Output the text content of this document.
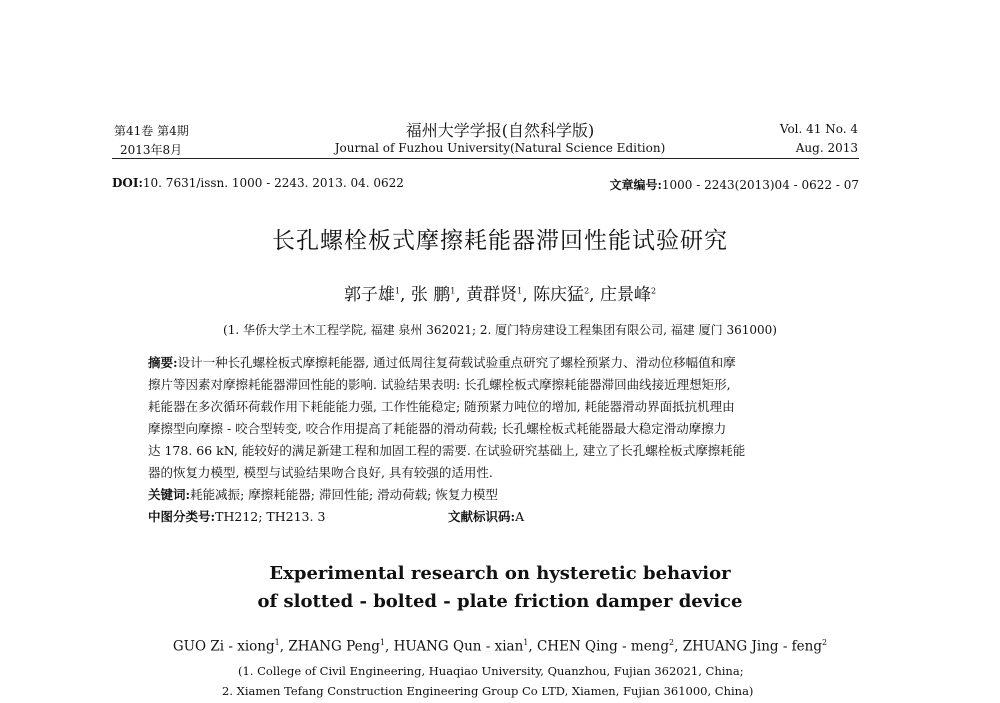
第41卷 第4期
2013年8月
福州大学学报(自然科学版)
Journal of Fuzhou University(Natural Science Edition)
Vol. 41 No. 4
Aug. 2013
DOI:10. 7631/issn. 1000 - 2243. 2013. 04. 0622	文章编号:1000 - 2243(2013)04 - 0622 - 07
长孔螺栓板式摩擦耗能器滞回性能试验研究
郭子雄$^1$, 张 鹏$^1$, 黄群贤$^1$, 陈庆猛$^2$, 庄景峰$^2$
(1. 华侨大学土木工程学院, 福建 泉州 362021; 2. 厦门特房建设工程集团有限公司, 福建 厦门 361000)
摘要:设计一种长孔螺栓板式摩擦耗能器, 通过低周往复荷载试验重点研究了螺栓预紧力、滑动位移幅值和摩
擦片等因素对摩擦耗能器滞回性能的影响. 试验结果表明: 长孔螺栓板式摩擦耗能器滞回曲线接近理想矩形,
耗能器在多次循环荷载作用下耗能能力强, 工作性能稳定; 随预紧力吨位的增加, 耗能器滑动界面抵抗机理由
摩擦型向摩擦 - 咬合型转变, 咬合作用提高了耗能器的滑动荷载; 长孔螺栓板式耗能器最大稳定滑动摩擦力
达 178. 66 kN, 能较好的满足新建工程和加固工程的需要. 在试验研究基础上, 建立了长孔螺栓板式摩擦耗能
器的恢复力模型, 模型与试验结果吻合良好, 具有较强的适用性.
关键词:耗能减振; 摩擦耗能器; 滞回性能; 滑动荷载; 恢复力模型
中图分类号:TH212; TH213. 3	文献标识码:A
Experimental research on hysteretic behavior
of slotted - bolted - plate friction damper device
GUO Zi - xiong$^1$, ZHANG Peng$^1$, HUANG Qun - xian$^1$, CHEN Qing - meng$^2$, ZHUANG Jing - feng$^2$
(1. College of Civil Engineering, Huaqiao University, Quanzhou, Fujian 362021, China;
2. Xiamen Tefang Construction Engineering Group Co LTD, Xiamen, Fujian 361000, China)
